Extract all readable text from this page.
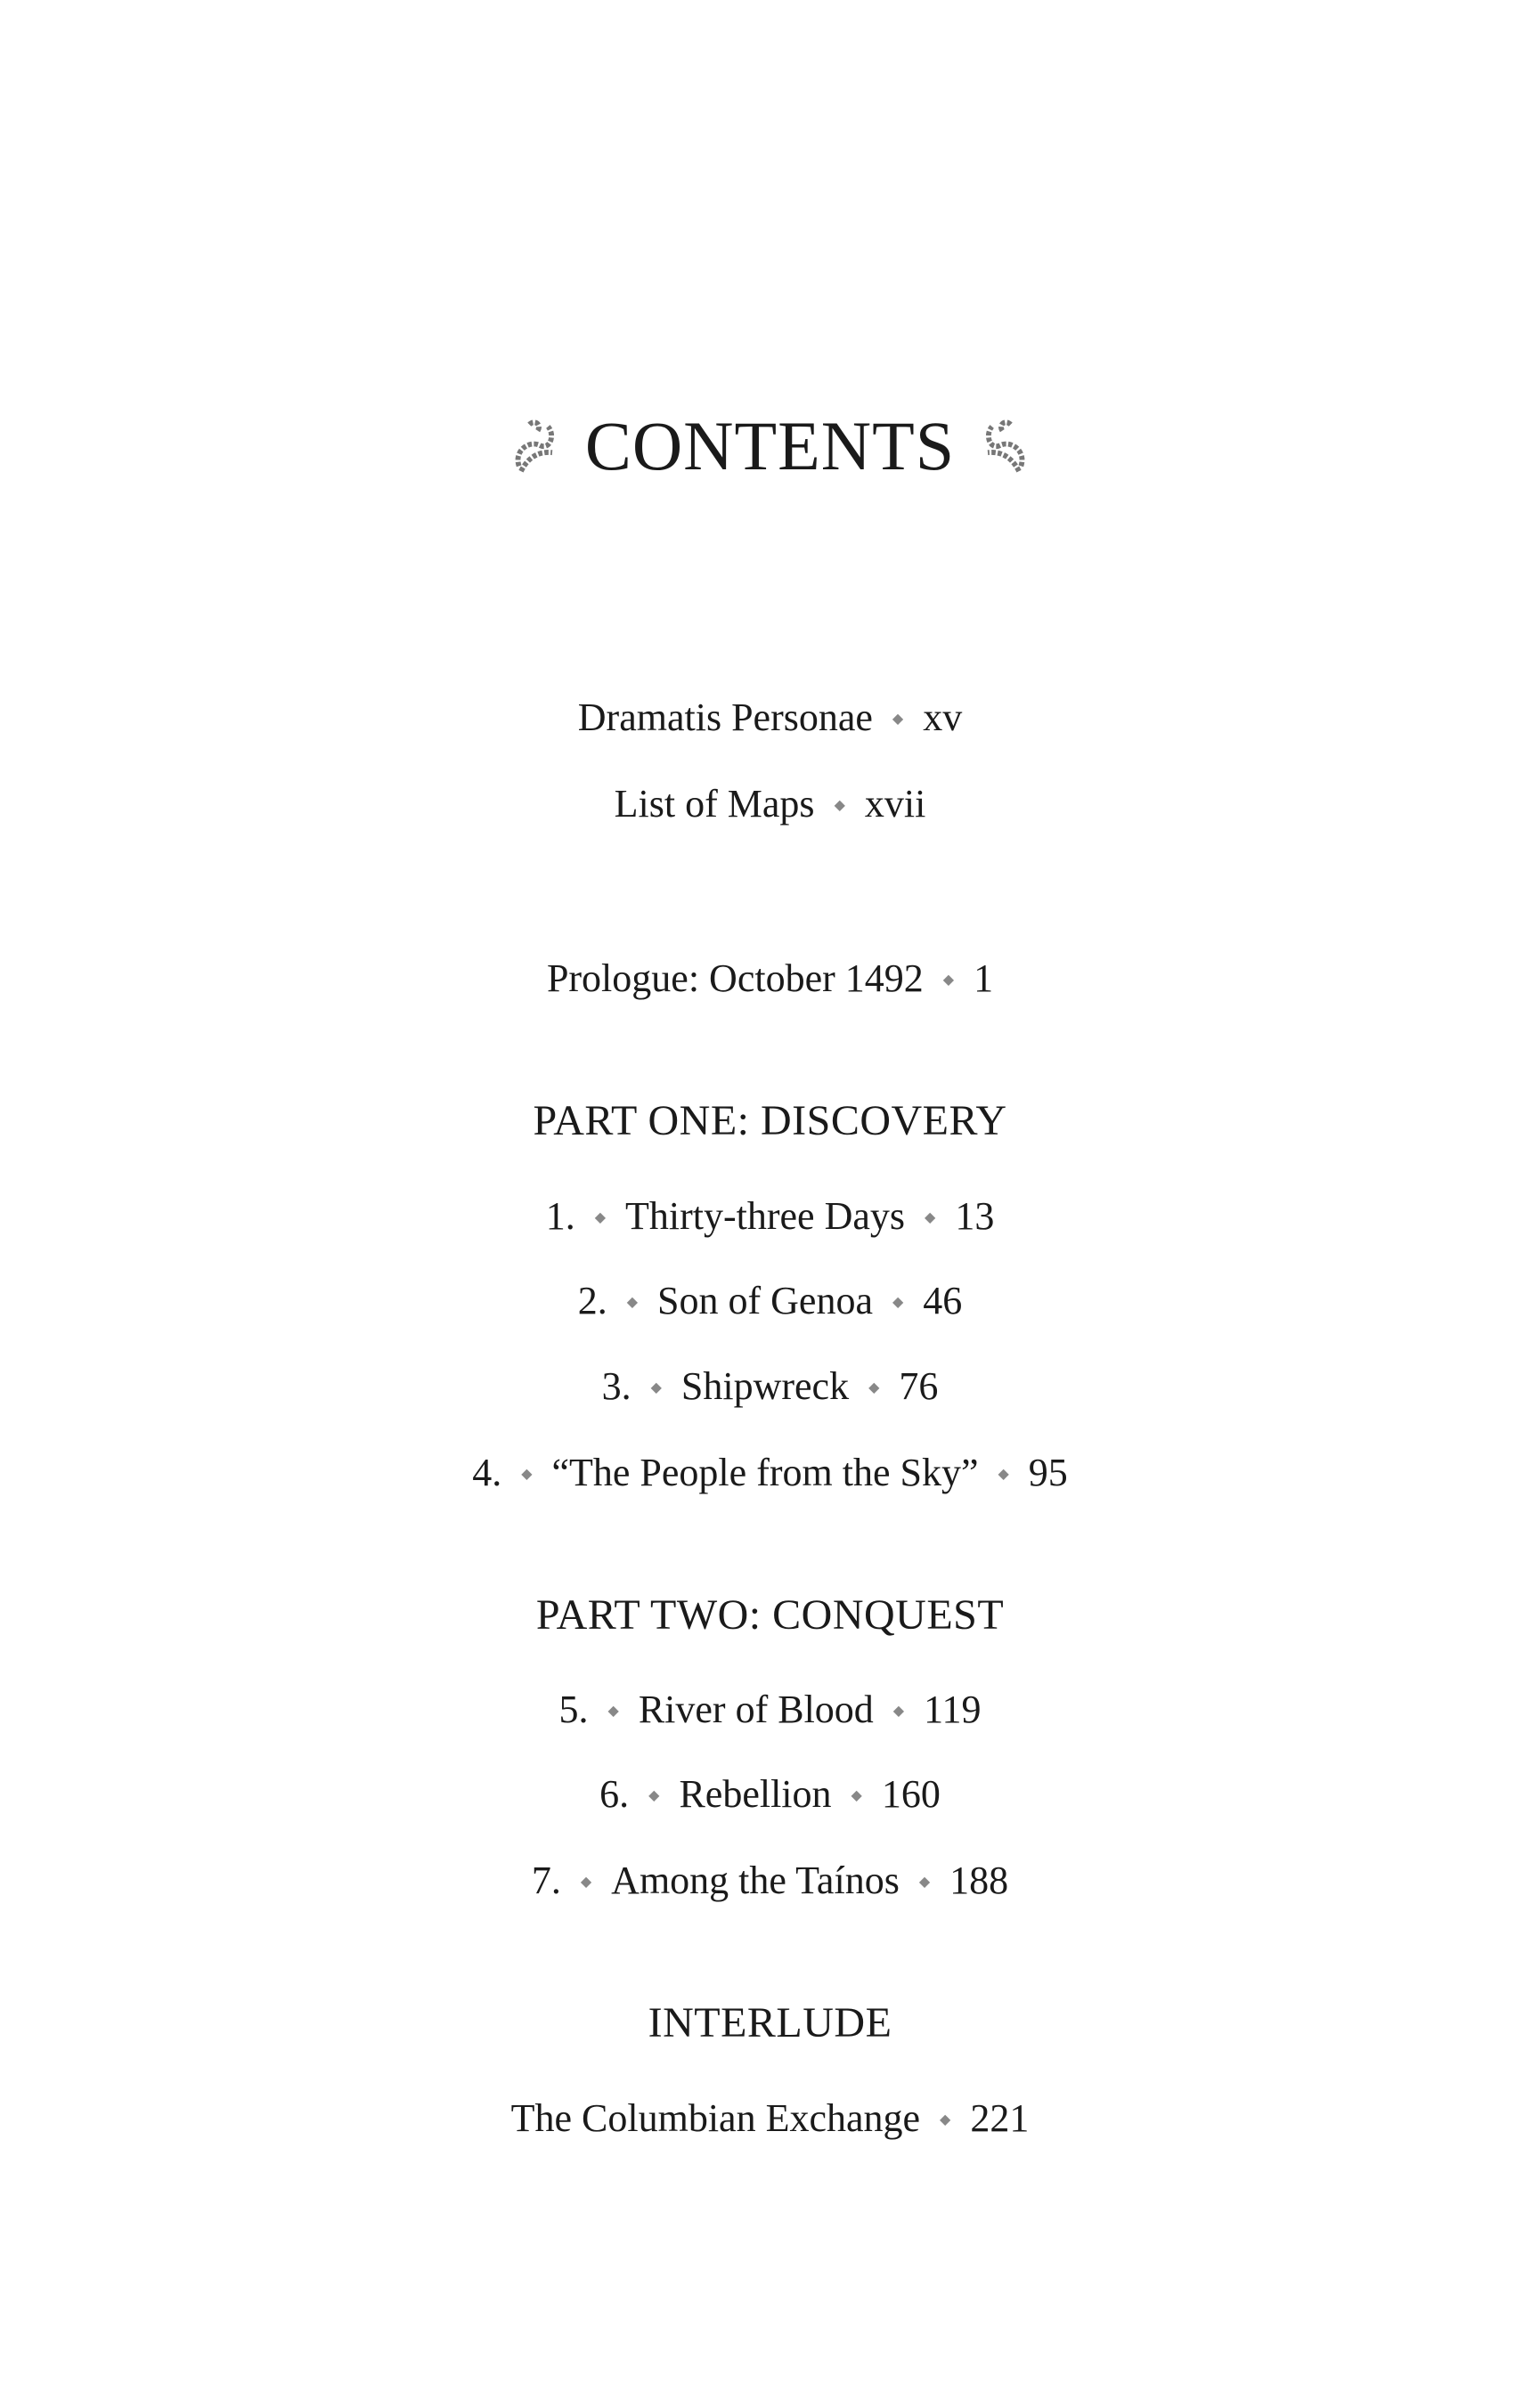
CONTENTS
Dramatis Personae ◆ xv
List of Maps ◆ xvii
Prologue: October 1492 ◆ 1
PART ONE: DISCOVERY
1. ◆ Thirty-three Days ◆ 13
2. ◆ Son of Genoa ◆ 46
3. ◆ Shipwreck ◆ 76
4. ◆ “The People from the Sky” ◆ 95
PART TWO: CONQUEST
5. ◆ River of Blood ◆ 119
6. ◆ Rebellion ◆ 160
7. ◆ Among the Taínos ◆ 188
INTERLUDE
The Columbian Exchange ◆ 221
